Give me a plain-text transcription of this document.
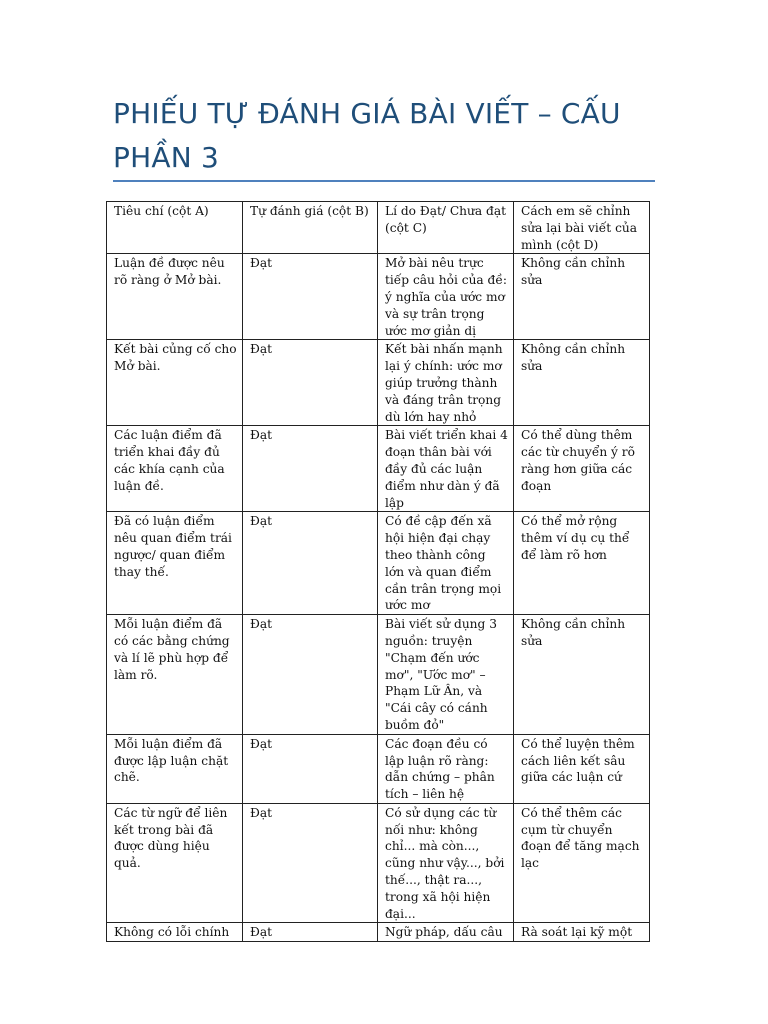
PHIẾU TỰ ĐÁNH GIÁ BÀI VIẾT – CẤU PHẦN 3
Tiêu chí (cột A)	Tự đánh giá (cột B)	Lí do Đạt/ Chưa đạt (cột C)	Cách em sẽ chỉnh sửa lại bài viết của mình (cột D)
Luận đề được nêu rõ ràng ở Mở bài.	Đạt	Mở bài nêu trực tiếp câu hỏi của đề: ý nghĩa của ước mơ và sự trân trọng ước mơ giản dị	Không cần chỉnh sửa
Kết bài củng cố cho Mở bài.	Đạt	Kết bài nhấn mạnh lại ý chính: ước mơ giúp trưởng thành và đáng trân trọng dù lớn hay nhỏ	Không cần chỉnh sửa
Các luận điểm đã triển khai đầy đủ các khía cạnh của luận đề.	Đạt	Bài viết triển khai 4 đoạn thân bài với đầy đủ các luận điểm như dàn ý đã lập	Có thể dùng thêm các từ chuyển ý rõ ràng hơn giữa các đoạn
Đã có luận điểm nêu quan điểm trái ngược/ quan điểm thay thế.	Đạt	Có đề cập đến xã hội hiện đại chạy theo thành công lớn và quan điểm cần trân trọng mọi ước mơ	Có thể mở rộng thêm ví dụ cụ thể để làm rõ hơn
Mỗi luận điểm đã có các bằng chứng và lí lẽ phù hợp để làm rõ.	Đạt	Bài viết sử dụng 3 nguồn: truyện "Chạm đến ước mơ", "Ước mơ" – Phạm Lữ Ân, và "Cái cây có cánh buồm đỏ"	Không cần chỉnh sửa
Mỗi luận điểm đã được lập luận chặt chẽ.	Đạt	Các đoạn đều có lập luận rõ ràng: dẫn chứng – phân tích – liên hệ	Có thể luyện thêm cách liên kết sâu giữa các luận cứ
Các từ ngữ để liên kết trong bài đã được dùng hiệu quả.	Đạt	Có sử dụng các từ nối như: không chỉ... mà còn..., cũng như vậy..., bởi thế..., thật ra..., trong xã hội hiện đại...	Có thể thêm các cụm từ chuyển đoạn để tăng mạch lạc
Không có lỗi chính	Đạt	Ngữ pháp, dấu câu	Rà soát lại kỹ một
